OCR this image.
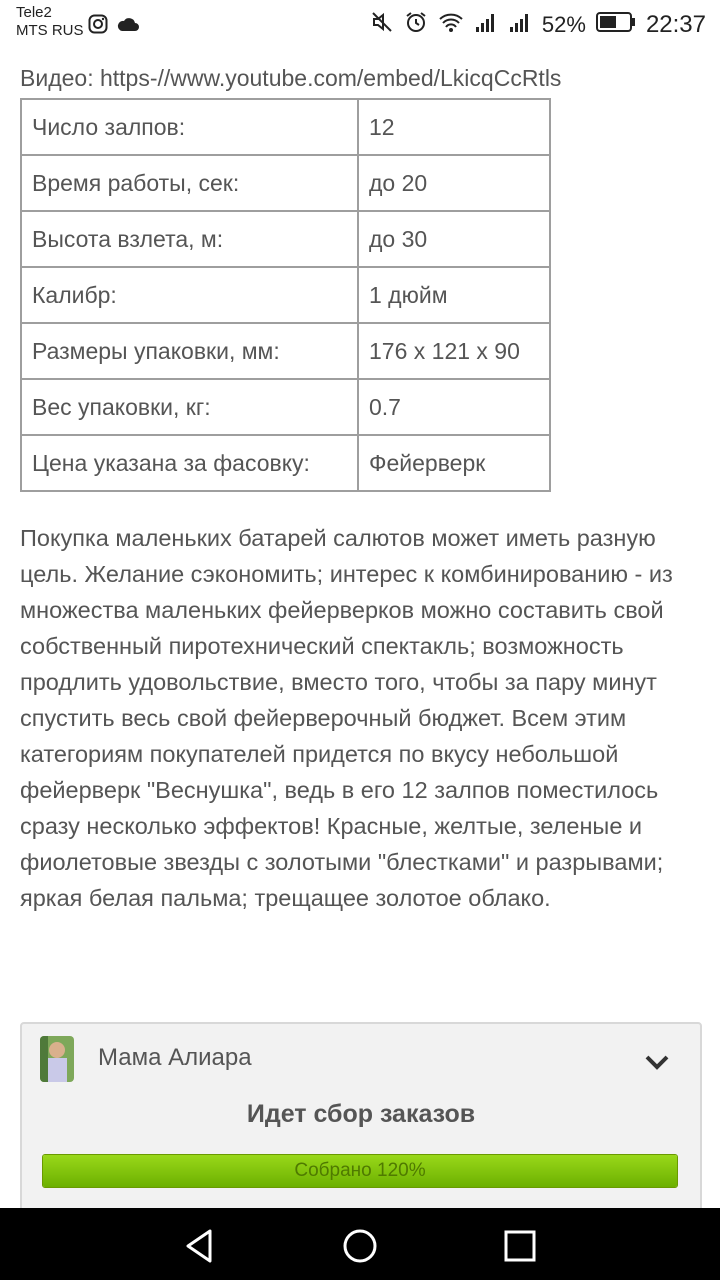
Tele2
MTS RUS	52%	22:37
Видео: https-//www.youtube.com/embed/LkicqCcRtls
Число залпов:	12
Время работы, сек:	до 20
Высота взлета, м:	до 30
Калибр:	1 дюйм
Размеры упаковки, мм:	176 x 121 x 90
Вес упаковки, кг:	0.7
Цена указана за фасовку:	Фейерверк
Покупка маленьких батарей салютов может иметь разную цель. Желание сэкономить; интерес к комбинированию - из множества маленьких фейерверков можно составить свой собственный пиротехнический спектакль; возможность продлить удовольствие, вместо того, чтобы за пару минут спустить весь свой фейерверочный бюджет. Всем этим категориям покупателей придется по вкусу небольшой фейерверк "Веснушка", ведь в его 12 залпов поместилось сразу несколько эффектов! Красные, желтые, зеленые и фиолетовые звезды с золотыми "блестками" и разрывами; яркая белая пальма; трещащее золотое облако.
Мама Алиара
Идет сбор заказов
Собрано 120%
